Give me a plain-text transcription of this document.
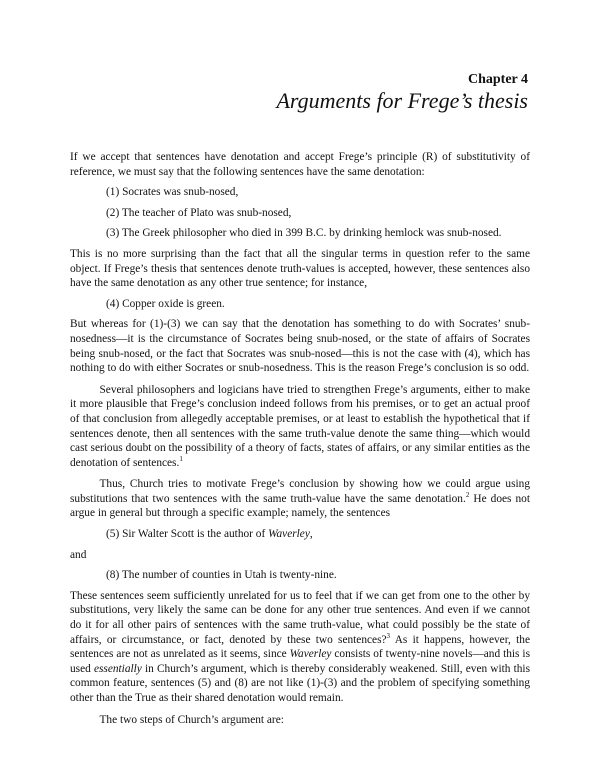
Chapter 4
Arguments for Frege’s thesis

If we accept that sentences have denotation and accept Frege’s principle (R) of substitutivity of reference, we must say that the following sentences have the same denotation:

(1) Socrates was snub-nosed,

(2) The teacher of Plato was snub-nosed,

(3) The Greek philosopher who died in 399 B.C. by drinking hemlock was snub-nosed.

This is no more surprising than the fact that all the singular terms in question refer to the same object. If Frege’s thesis that sentences denote truth-values is accepted, however, these sentences also have the same denotation as any other true sentence; for instance,

(4) Copper oxide is green.

But whereas for (1)-(3) we can say that the denotation has something to do with Socrates’ snub-nosedness—it is the circumstance of Socrates being snub-nosed, or the state of affairs of Socrates being snub-nosed, or the fact that Socrates was snub-nosed—this is not the case with (4), which has nothing to do with either Socrates or snub-nosedness. This is the reason Frege’s conclusion is so odd.

Several philosophers and logicians have tried to strengthen Frege’s arguments, either to make it more plausible that Frege’s conclusion indeed follows from his premises, or to get an actual proof of that conclusion from allegedly acceptable premises, or at least to establish the hypothetical that if sentences denote, then all sentences with the same truth-value denote the same thing—which would cast serious doubt on the possibility of a theory of facts, states of affairs, or any similar entities as the denotation of sentences.$^1$

Thus, Church tries to motivate Frege’s conclusion by showing how we could argue using substitutions that two sentences with the same truth-value have the same denotation.$^2$ He does not argue in general but through a specific example; namely, the sentences

(5) Sir Walter Scott is the author of Waverley,

and

(8) The number of counties in Utah is twenty-nine.

These sentences seem sufficiently unrelated for us to feel that if we can get from one to the other by substitutions, very likely the same can be done for any other true sentences. And even if we cannot do it for all other pairs of sentences with the same truth-value, what could possibly be the state of affairs, or circumstance, or fact, denoted by these two sentences?$^3$ As it happens, however, the sentences are not as unrelated as it seems, since Waverley consists of twenty-nine novels—and this is used essentially in Church’s argument, which is thereby considerably weakened. Still, even with this common feature, sentences (5) and (8) are not like (1)-(3) and the problem of specifying something other than the True as their shared denotation would remain.

The two steps of Church’s argument are:
